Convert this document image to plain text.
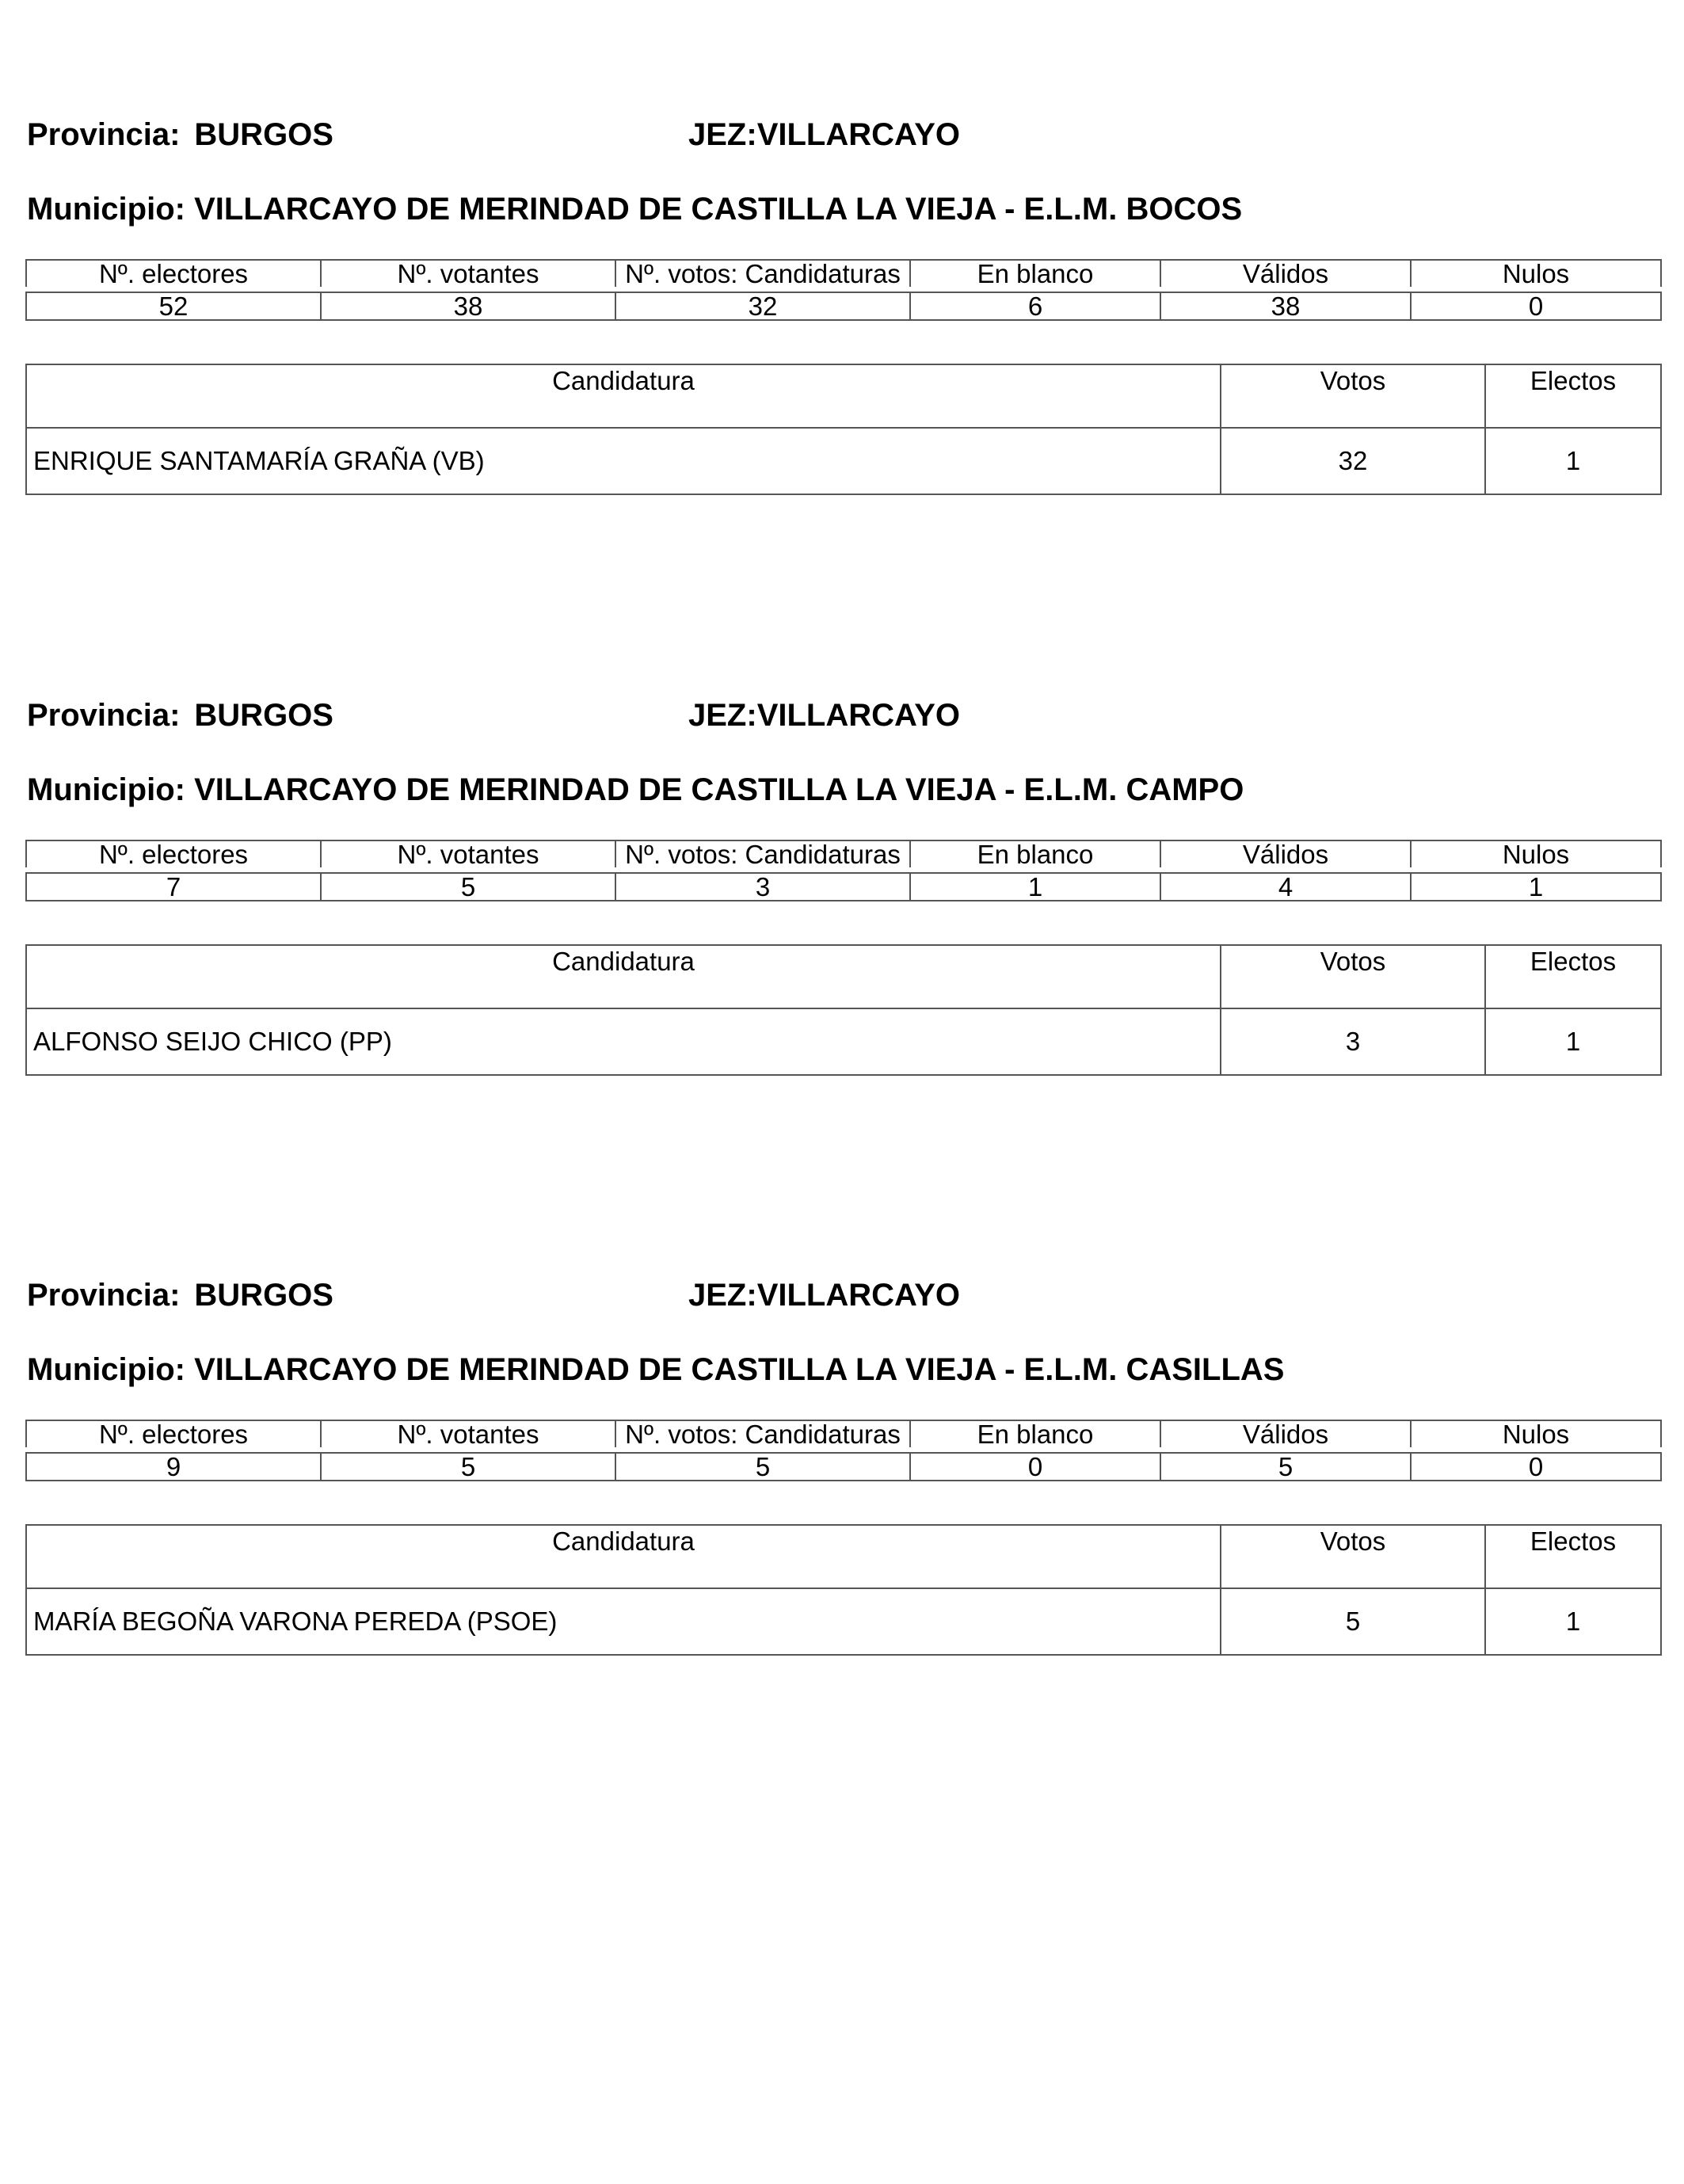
Provincia: BURGOS	JEZ:VILLARCAYO
Municipio: VILLARCAYO DE MERINDAD DE CASTILLA LA VIEJA - E.L.M. BOCOS
Nº. electores	Nº. votantes	Nº. votos: Candidaturas	En blanco	Válidos	Nulos

52	38	32	6	38	0
Candidatura	Votos	Electos
ENRIQUE SANTAMARÍA GRAÑA (VB)	32	1
Provincia: BURGOS	JEZ:VILLARCAYO
Municipio: VILLARCAYO DE MERINDAD DE CASTILLA LA VIEJA - E.L.M. CAMPO
Nº. electores	Nº. votantes	Nº. votos: Candidaturas	En blanco	Válidos	Nulos

7	5	3	1	4	1
Candidatura	Votos	Electos
ALFONSO SEIJO CHICO (PP)	3	1
Provincia: BURGOS	JEZ:VILLARCAYO
Municipio: VILLARCAYO DE MERINDAD DE CASTILLA LA VIEJA - E.L.M. CASILLAS
Nº. electores	Nº. votantes	Nº. votos: Candidaturas	En blanco	Válidos	Nulos

9	5	5	0	5	0
Candidatura	Votos	Electos
MARÍA BEGOÑA VARONA PEREDA (PSOE)	5	1
